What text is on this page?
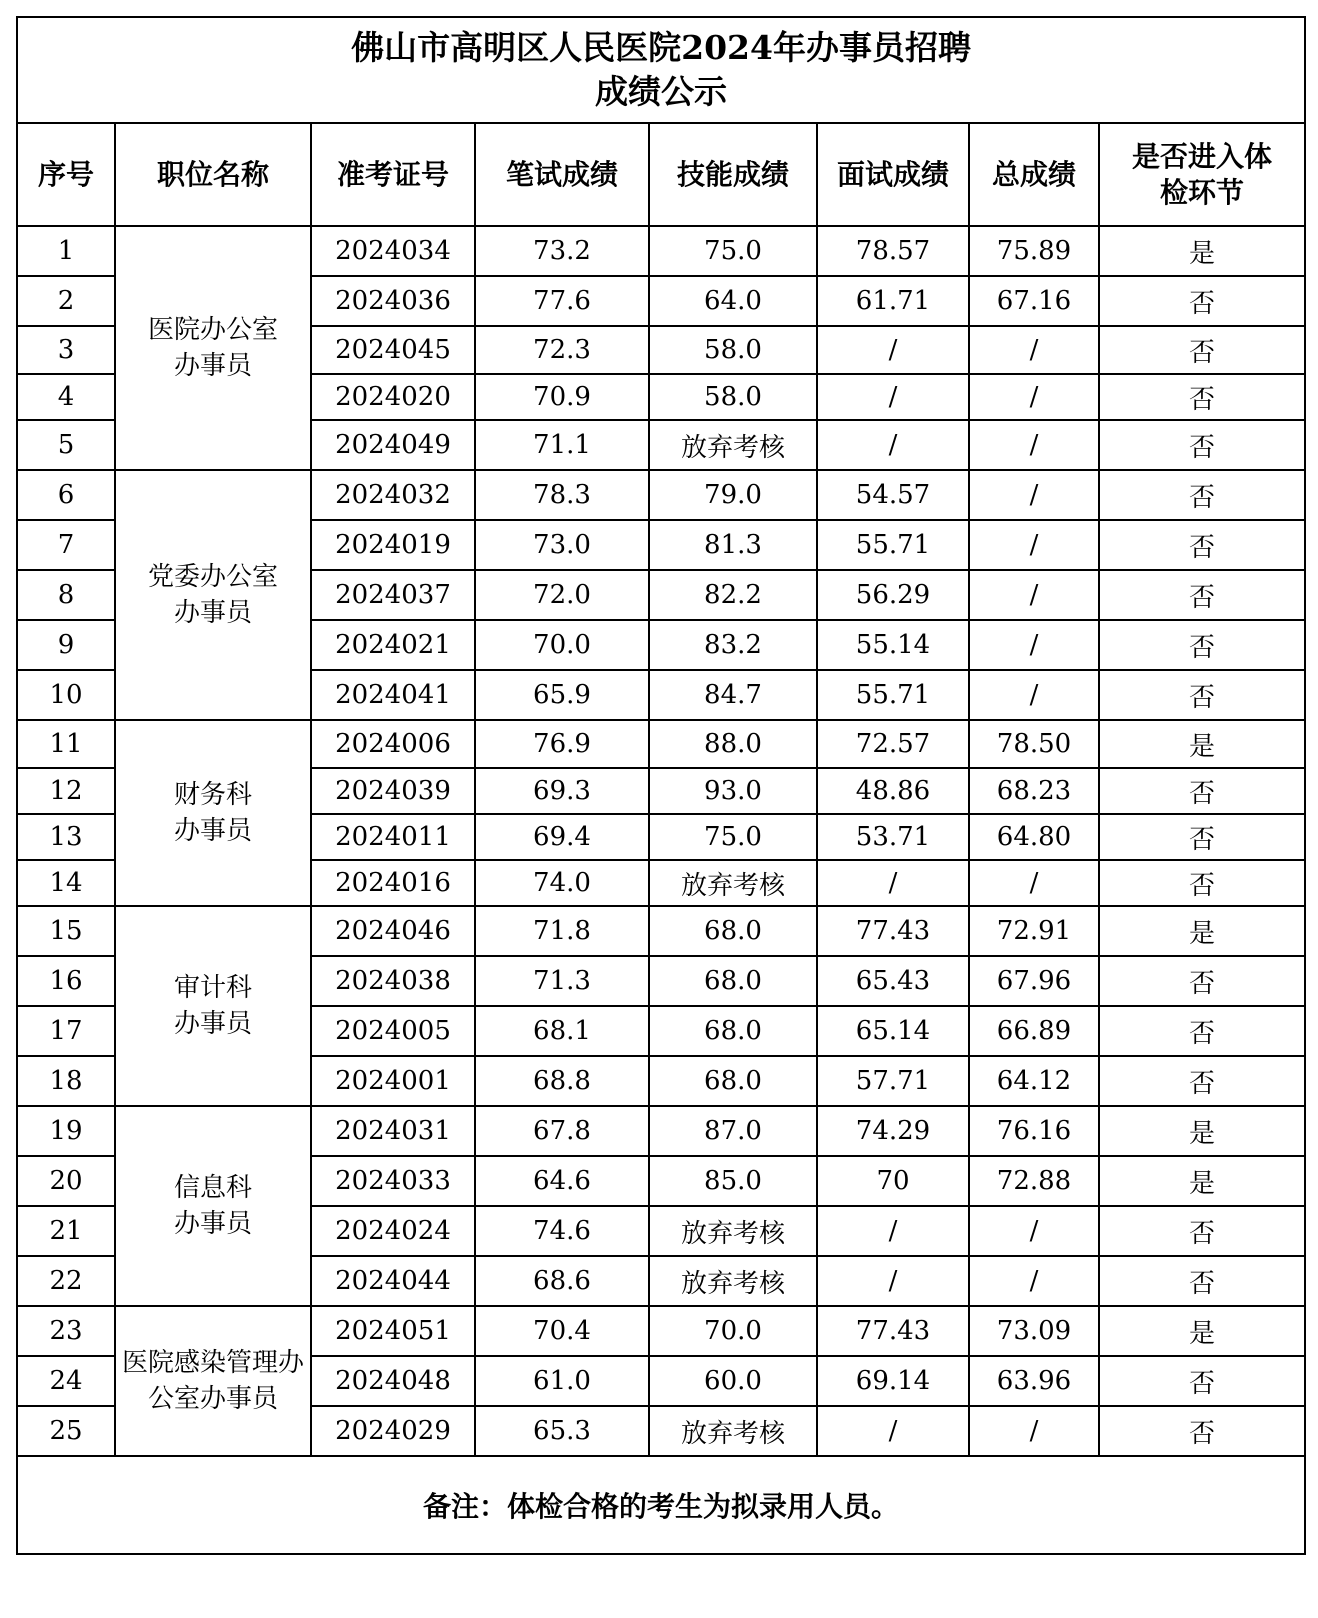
佛山市高明区人民医院2024年办事员招聘
成绩公示							

序号	职位名称	准考证号	笔试成绩	技能成绩	面试成绩	总成绩	是否进入体检环节

1	医院办公室办事员	2024034	73.2	75.0	78.57	75.89	是
2		2024036	77.6	64.0	61.71	67.16	否
3		2024045	72.3	58.0	/	/	否
4		2024020	70.9	58.0	/	/	否
5		2024049	71.1	放弃考核	/	/	否
6	党委办公室办事员	2024032	78.3	79.0	54.57	/	否
7		2024019	73.0	81.3	55.71	/	否
8		2024037	72.0	82.2	56.29	/	否
9		2024021	70.0	83.2	55.14	/	否
10		2024041	65.9	84.7	55.71	/	否
11	财务科办事员	2024006	76.9	88.0	72.57	78.50	是
12		2024039	69.3	93.0	48.86	68.23	否
13		2024011	69.4	75.0	53.71	64.80	否
14		2024016	74.0	放弃考核	/	/	否
15	审计科办事员	2024046	71.8	68.0	77.43	72.91	是
16		2024038	71.3	68.0	65.43	67.96	否
17		2024005	68.1	68.0	65.14	66.89	否
18		2024001	68.8	68.0	57.71	64.12	否
19	信息科办事员	2024031	67.8	87.0	74.29	76.16	是
20		2024033	64.6	85.0	70	72.88	是
21		2024024	74.6	放弃考核	/	/	否
22		2024044	68.6	放弃考核	/	/	否
23	医院感染管理办公室办事员	2024051	70.4	70.0	77.43	73.09	是
24		2024048	61.0	60.0	69.14	63.96	否
25		2024029	65.3	放弃考核	/	/	否
备注：体检合格的考生为拟录用人员。							
